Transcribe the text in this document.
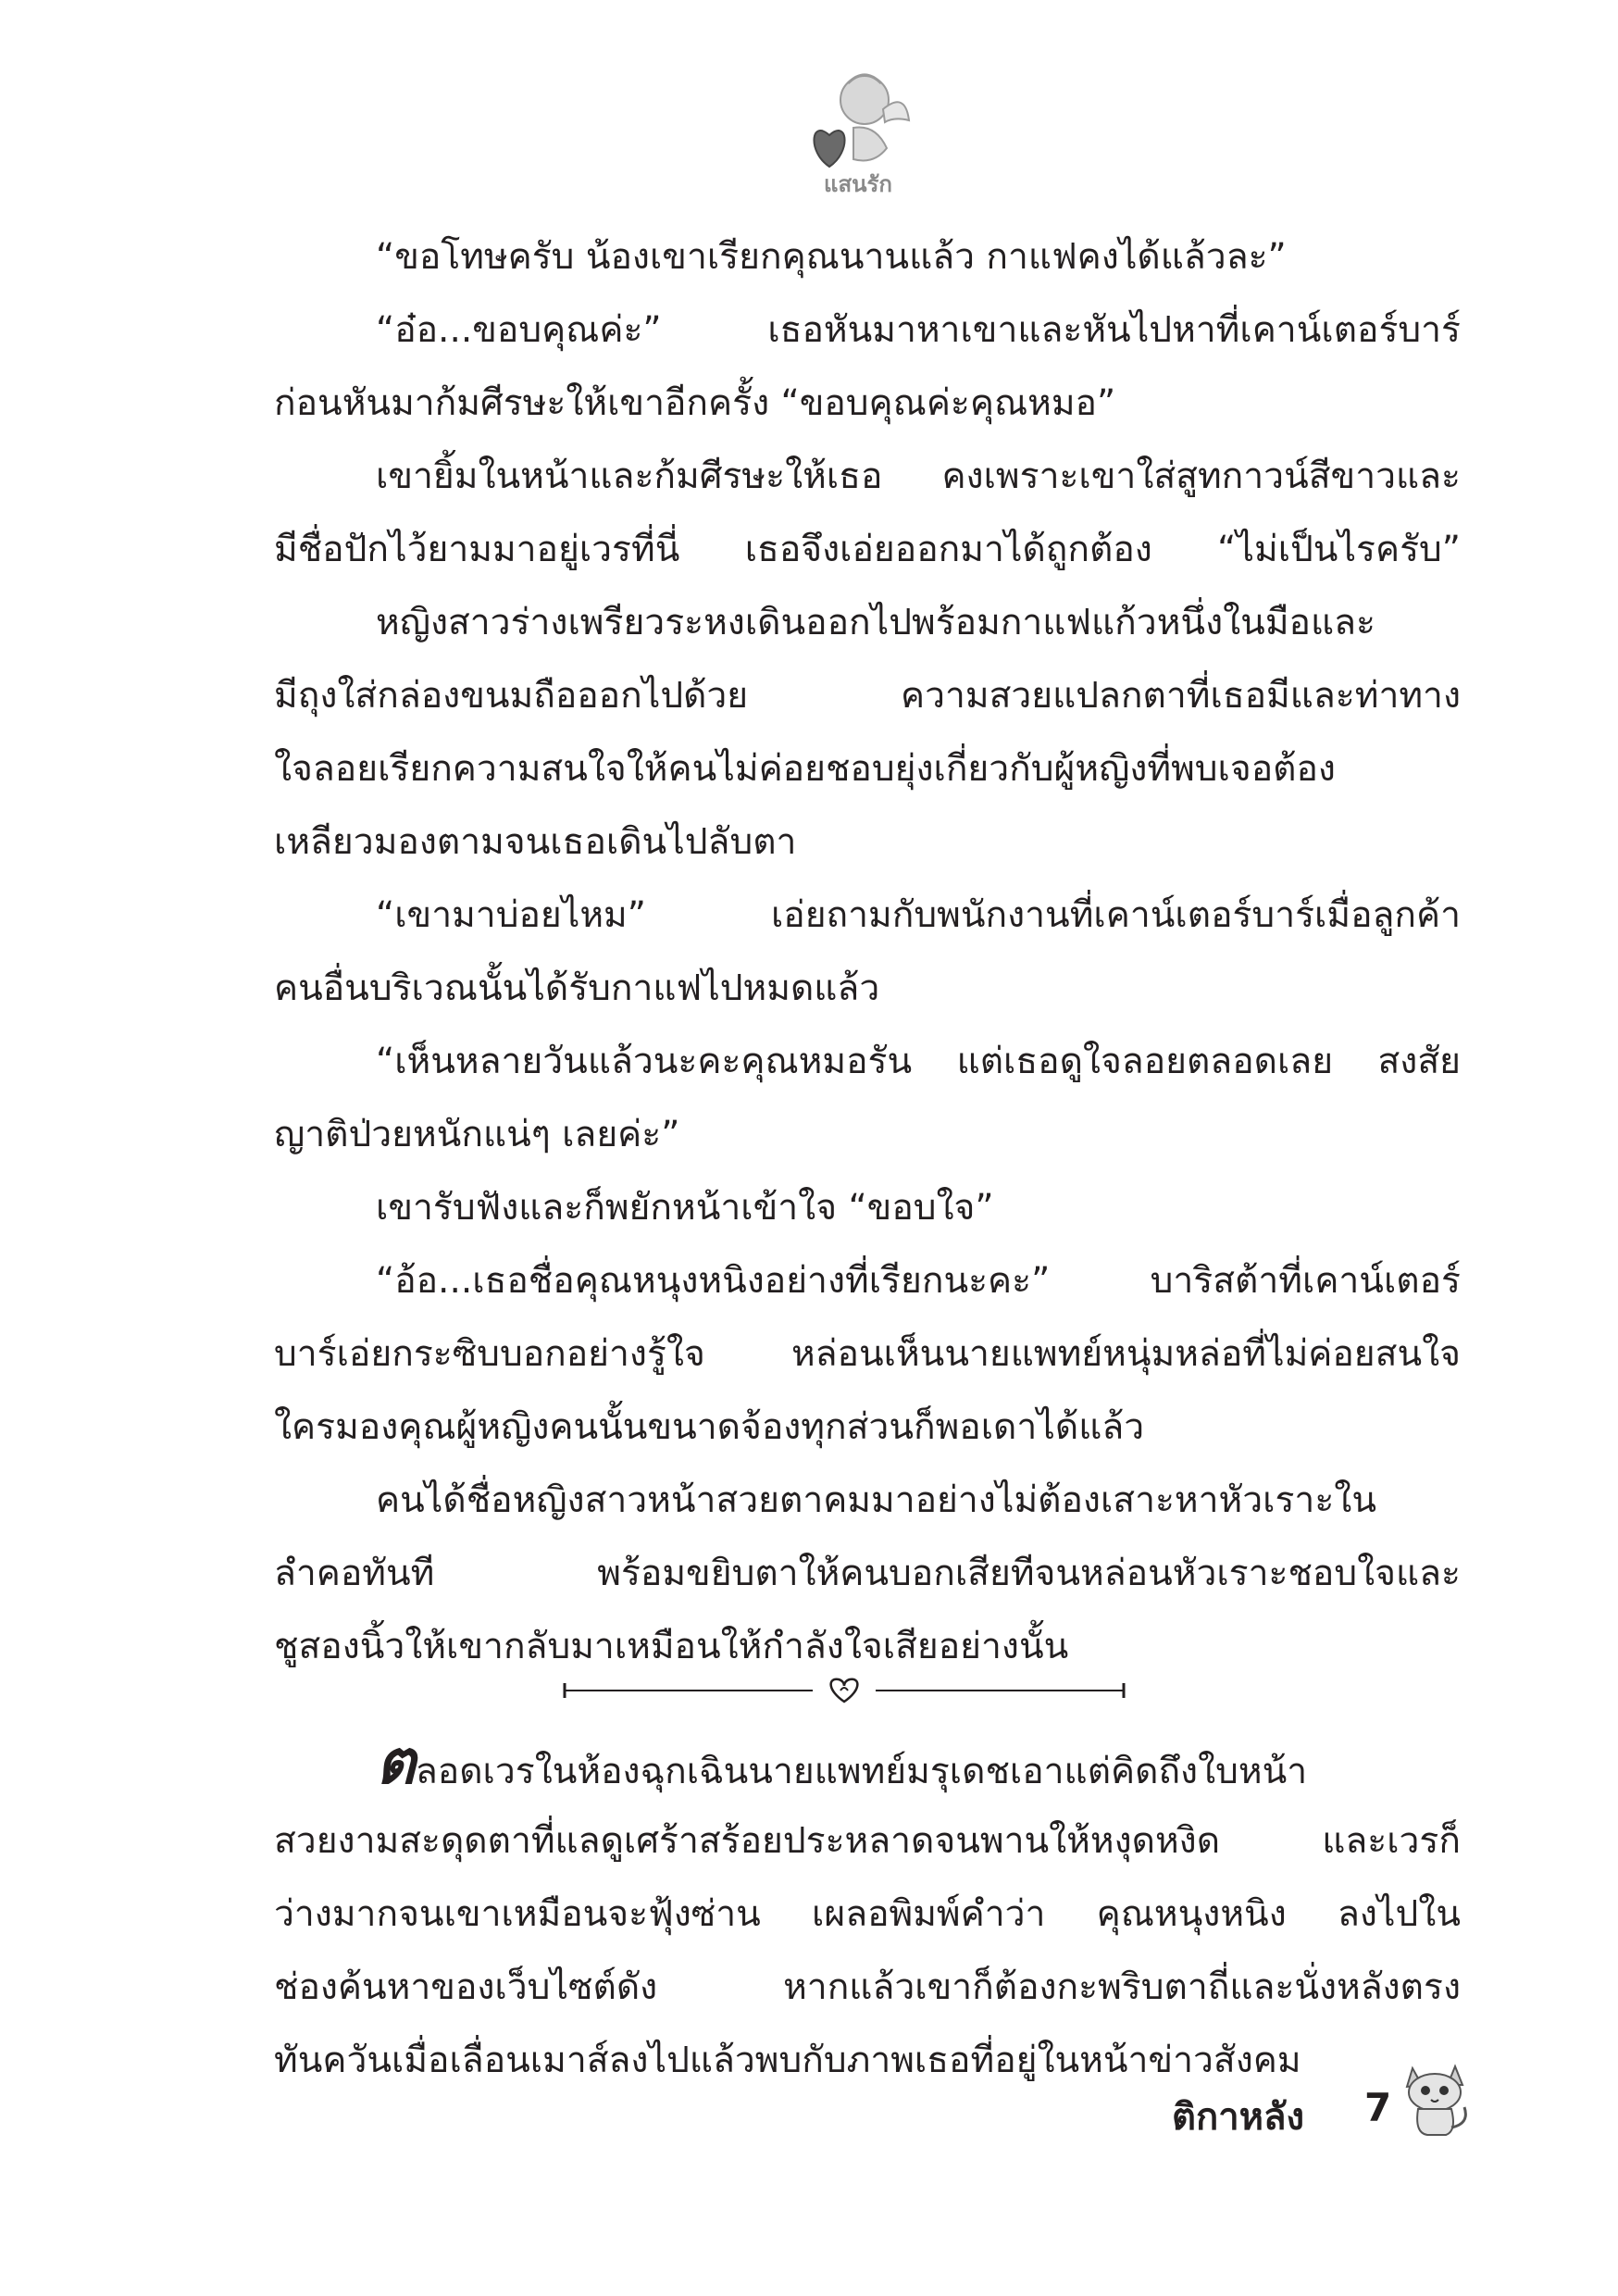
แสนรัก
“ขอโทษครับ น้องเขาเรียกคุณนานแล้ว กาแฟคงได้แล้วละ”
“อ๋อ...ขอบคุณค่ะ” เธอหันมาหาเขาและหันไปหาที่เคาน์เตอร์บาร์
ก่อนหันมาก้มศีรษะให้เขาอีกครั้ง “ขอบคุณค่ะคุณหมอ”
เขายิ้มในหน้าและก้มศีรษะให้เธอ คงเพราะเขาใส่สูทกาวน์สีขาวและ
มีชื่อปักไว้ยามมาอยู่เวรที่นี่ เธอจึงเอ่ยออกมาได้ถูกต้อง “ไม่เป็นไรครับ”
หญิงสาวร่างเพรียวระหงเดินออกไปพร้อมกาแฟแก้วหนึ่งในมือและ
มีถุงใส่กล่องขนมถือออกไปด้วย ความสวยแปลกตาที่เธอมีและท่าทาง
ใจลอยเรียกความสนใจให้คนไม่ค่อยชอบยุ่งเกี่ยวกับผู้หญิงที่พบเจอต้อง
เหลียวมองตามจนเธอเดินไปลับตา
“เขามาบ่อยไหม” เอ่ยถามกับพนักงานที่เคาน์เตอร์บาร์เมื่อลูกค้า
คนอื่นบริเวณนั้นได้รับกาแฟไปหมดแล้ว
“เห็นหลายวันแล้วนะคะคุณหมอรัน แต่เธอดูใจลอยตลอดเลย สงสัย
ญาติป่วยหนักแน่ๆ เลยค่ะ”
เขารับฟังและก็พยักหน้าเข้าใจ “ขอบใจ”
“อ้อ...เธอชื่อคุณหนุงหนิงอย่างที่เรียกนะคะ” บาริสต้าที่เคาน์เตอร์
บาร์เอ่ยกระซิบบอกอย่างรู้ใจ หล่อนเห็นนายแพทย์หนุ่มหล่อที่ไม่ค่อยสนใจ
ใครมองคุณผู้หญิงคนนั้นขนาดจ้องทุกส่วนก็พอเดาได้แล้ว
คนได้ชื่อหญิงสาวหน้าสวยตาคมมาอย่างไม่ต้องเสาะหาหัวเราะใน
ลำคอทันที พร้อมขยิบตาให้คนบอกเสียทีจนหล่อนหัวเราะชอบใจและ
ชูสองนิ้วให้เขากลับมาเหมือนให้กำลังใจเสียอย่างนั้น
ตลอดเวรในห้องฉุกเฉินนายแพทย์มรุเดชเอาแต่คิดถึงใบหน้า
สวยงามสะดุดตาที่แลดูเศร้าสร้อยประหลาดจนพานให้หงุดหงิด และเวรก็
ว่างมากจนเขาเหมือนจะฟุ้งซ่าน เผลอพิมพ์คำว่า คุณหนุงหนิง ลงไปใน
ช่องค้นหาของเว็บไซต์ดัง หากแล้วเขาก็ต้องกะพริบตาถี่และนั่งหลังตรง
ทันควันเมื่อเลื่อนเมาส์ลงไปแล้วพบกับภาพเธอที่อยู่ในหน้าข่าวสังคม
ติกาหลัง 7
